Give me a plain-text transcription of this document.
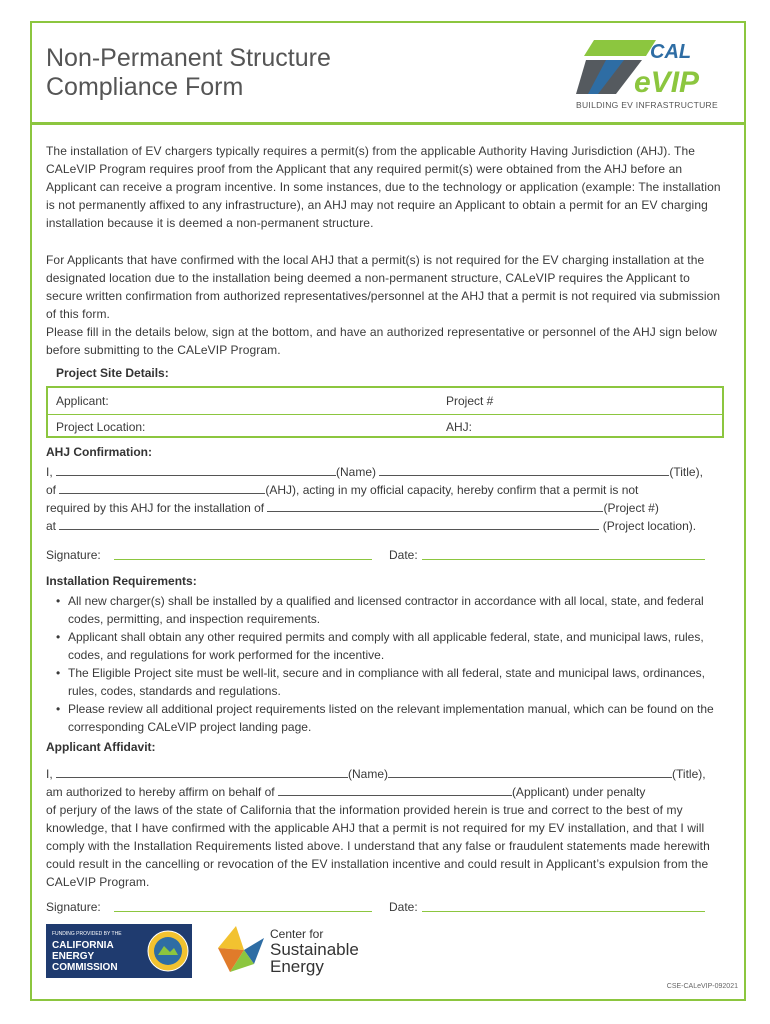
Non-Permanent Structure
Compliance Form
CAL
eVIP
BUILDING EV INFRASTRUCTURE

The installation of EV chargers typically requires a permit(s) from the applicable Authority Having Jurisdiction (AHJ). The CALeVIP Program requires proof from the Applicant that any required permit(s) were obtained from the AHJ before an Applicant can receive a program incentive. In some instances, due to the technology or application (example: The installation is not permanently affixed to any infrastructure), an AHJ may not require an Applicant to obtain a permit for an EV charging installation because it is deemed a non-permanent structure.

For Applicants that have confirmed with the local AHJ that a permit(s) is not required for the EV charging installation at the designated location due to the installation being deemed a non-permanent structure, CALeVIP requires the Applicant to secure written confirmation from authorized representatives/personnel at the AHJ that a permit is not required via submission of this form.

Please fill in the details below, sign at the bottom, and have an authorized representative or personnel of the AHJ sign below before submitting to the CALeVIP Program.

Project Site Details:
Applicant:	Project #
Project Location:	AHJ:
AHJ Confirmation:
I,	(Name)	(Title),
of	(AHJ), acting in my official capacity, hereby confirm that a permit is not
required by this AHJ for the installation of	(Project #)
at	(Project location).
Signature:	Date:
Installation Requirements:
• All new charger(s) shall be installed by a qualified and licensed contractor in accordance with all local, state, and federal codes, permitting, and inspection requirements.
• Applicant shall obtain any other required permits and comply with all applicable federal, state, and municipal laws, rules, codes, and regulations for work performed for the incentive.
• The Eligible Project site must be well-lit, secure and in compliance with all federal, state and municipal laws, ordinances, rules, codes, standards and regulations.
• Please review all additional project requirements listed on the relevant implementation manual, which can be found on the corresponding CALeVIP project landing page.
Applicant Affidavit:
I,	(Name)	(Title),
am authorized to hereby affirm on behalf of	(Applicant) under penalty

of perjury of the laws of the state of California that the information provided herein is true and correct to the best of my knowledge, that I have confirmed with the applicable AHJ that a permit is not required for my EV installation, and that I will comply with the Installation Requirements listed above. I understand that any false or fraudulent statements made herewith could result in the cancelling or revocation of the EV installation incentive and could result in Applicant’s expulsion from the CALeVIP Program.

Signature:	Date:
FUNDING PROVIDED BY THE
CALIFORNIA
ENERGY
COMMISSION
Center for
Sustainable
Energy
CSE-CALeVIP-092021
